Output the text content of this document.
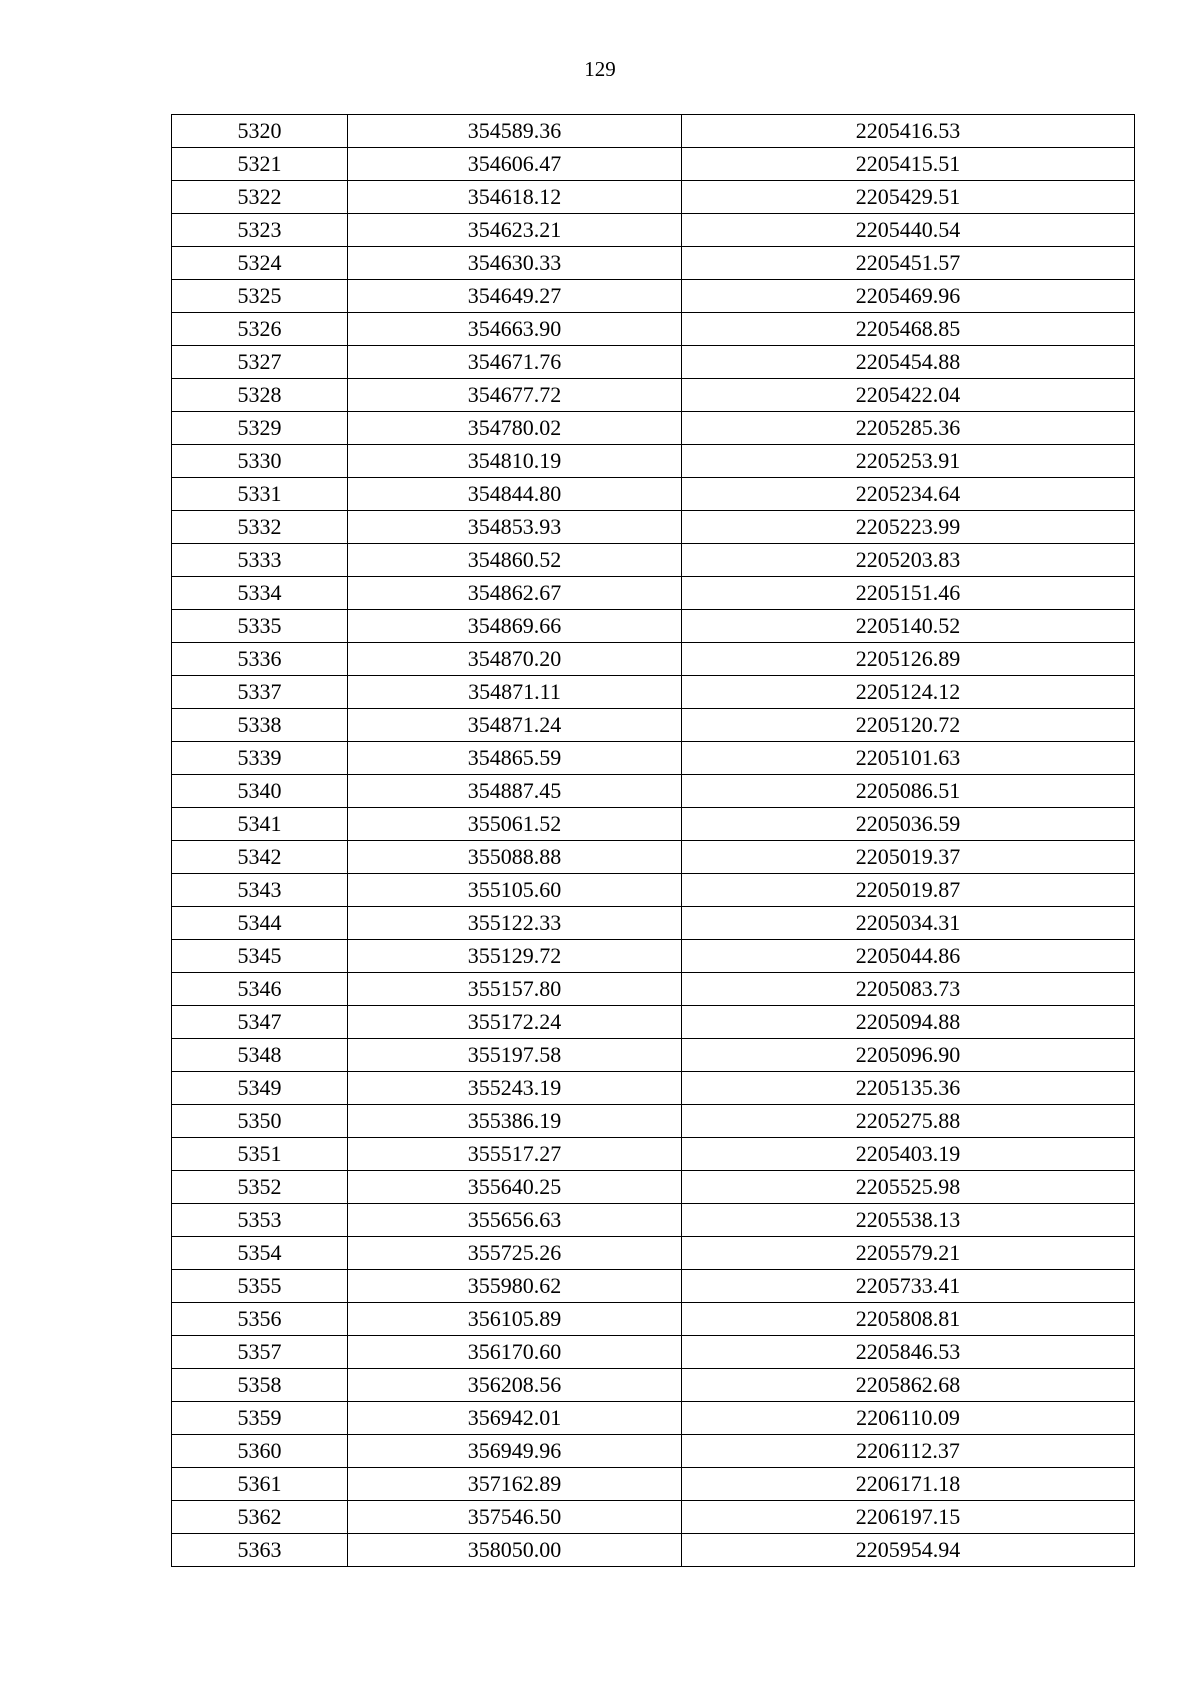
129
5320	354589.36	2205416.53
5321	354606.47	2205415.51
5322	354618.12	2205429.51
5323	354623.21	2205440.54
5324	354630.33	2205451.57
5325	354649.27	2205469.96
5326	354663.90	2205468.85
5327	354671.76	2205454.88
5328	354677.72	2205422.04
5329	354780.02	2205285.36
5330	354810.19	2205253.91
5331	354844.80	2205234.64
5332	354853.93	2205223.99
5333	354860.52	2205203.83
5334	354862.67	2205151.46
5335	354869.66	2205140.52
5336	354870.20	2205126.89
5337	354871.11	2205124.12
5338	354871.24	2205120.72
5339	354865.59	2205101.63
5340	354887.45	2205086.51
5341	355061.52	2205036.59
5342	355088.88	2205019.37
5343	355105.60	2205019.87
5344	355122.33	2205034.31
5345	355129.72	2205044.86
5346	355157.80	2205083.73
5347	355172.24	2205094.88
5348	355197.58	2205096.90
5349	355243.19	2205135.36
5350	355386.19	2205275.88
5351	355517.27	2205403.19
5352	355640.25	2205525.98
5353	355656.63	2205538.13
5354	355725.26	2205579.21
5355	355980.62	2205733.41
5356	356105.89	2205808.81
5357	356170.60	2205846.53
5358	356208.56	2205862.68
5359	356942.01	2206110.09
5360	356949.96	2206112.37
5361	357162.89	2206171.18
5362	357546.50	2206197.15
5363	358050.00	2205954.94
